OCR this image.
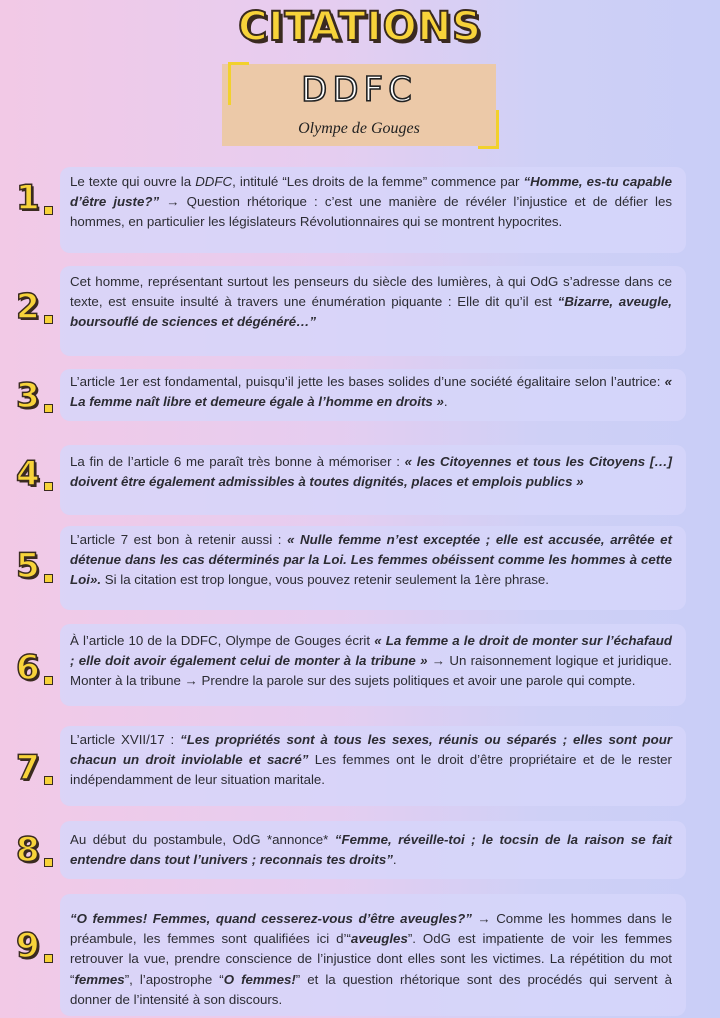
CITATIONS
DDFC
Olympe de Gouges
1 Le texte qui ouvre la DDFC, intitulé “Les droits de la femme” commence par “Homme, es-tu capable d’être juste?” → Question rhétorique : c’est une manière de révéler l’injustice et de défier les hommes, en particulier les législateurs Révolutionnaires qui se montrent hypocrites.
2
Cet homme, représentant surtout les penseurs du siècle des lumières, à qui OdG s’adresse dans ce texte, est ensuite insulté à travers une énumération piquante : Elle dit qu’il est “Bizarre, aveugle, boursouflé de sciences et dégénéré…”
3 L’article 1er est fondamental, puisqu’il jette les bases solides d’une société égalitaire selon l’autrice: « La femme naît libre et demeure égale à l’homme en droits ».
4 La fin de l’article 6 me paraît très bonne à mémoriser : « les Citoyennes et tous les Citoyens […] doivent être également admissibles à toutes dignités, places et emplois publics »
5
L’article 7 est bon à retenir aussi : « Nulle femme n’est exceptée ; elle est accusée, arrêtée et détenue dans les cas déterminés par la Loi. Les femmes obéissent comme les hommes à cette Loi». Si la citation est trop longue, vous pouvez retenir seulement la 1ère phrase.
6
À l’article 10 de la DDFC, Olympe de Gouges écrit « La femme a le droit de monter sur l’échafaud ; elle doit avoir également celui de monter à la tribune » → Un raisonnement logique et juridique. Monter à la tribune → Prendre la parole sur des sujets politiques et avoir une parole qui compte.
7
L’article XVII/17 : “Les propriétés sont à tous les sexes, réunis ou séparés ; elles sont pour chacun un droit inviolable et sacré” Les femmes ont le droit d’être propriétaire et de le rester indépendamment de leur situation maritale.
8 Au début du postambule, OdG *annonce* “Femme, réveille-toi ; le tocsin de la raison se fait entendre dans tout l’univers ; reconnais tes droits”.
9
“O femmes! Femmes, quand cesserez-vous d’être aveugles?” → Comme les hommes dans le préambule, les femmes sont qualifiées ici d’“aveugles”. OdG est impatiente de voir les femmes retrouver la vue, prendre conscience de l’injustice dont elles sont les victimes. La répétition du mot “femmes”, l’apostrophe “O femmes!” et la question rhétorique sont des procédés qui servent à donner de l’intensité à son discours.
